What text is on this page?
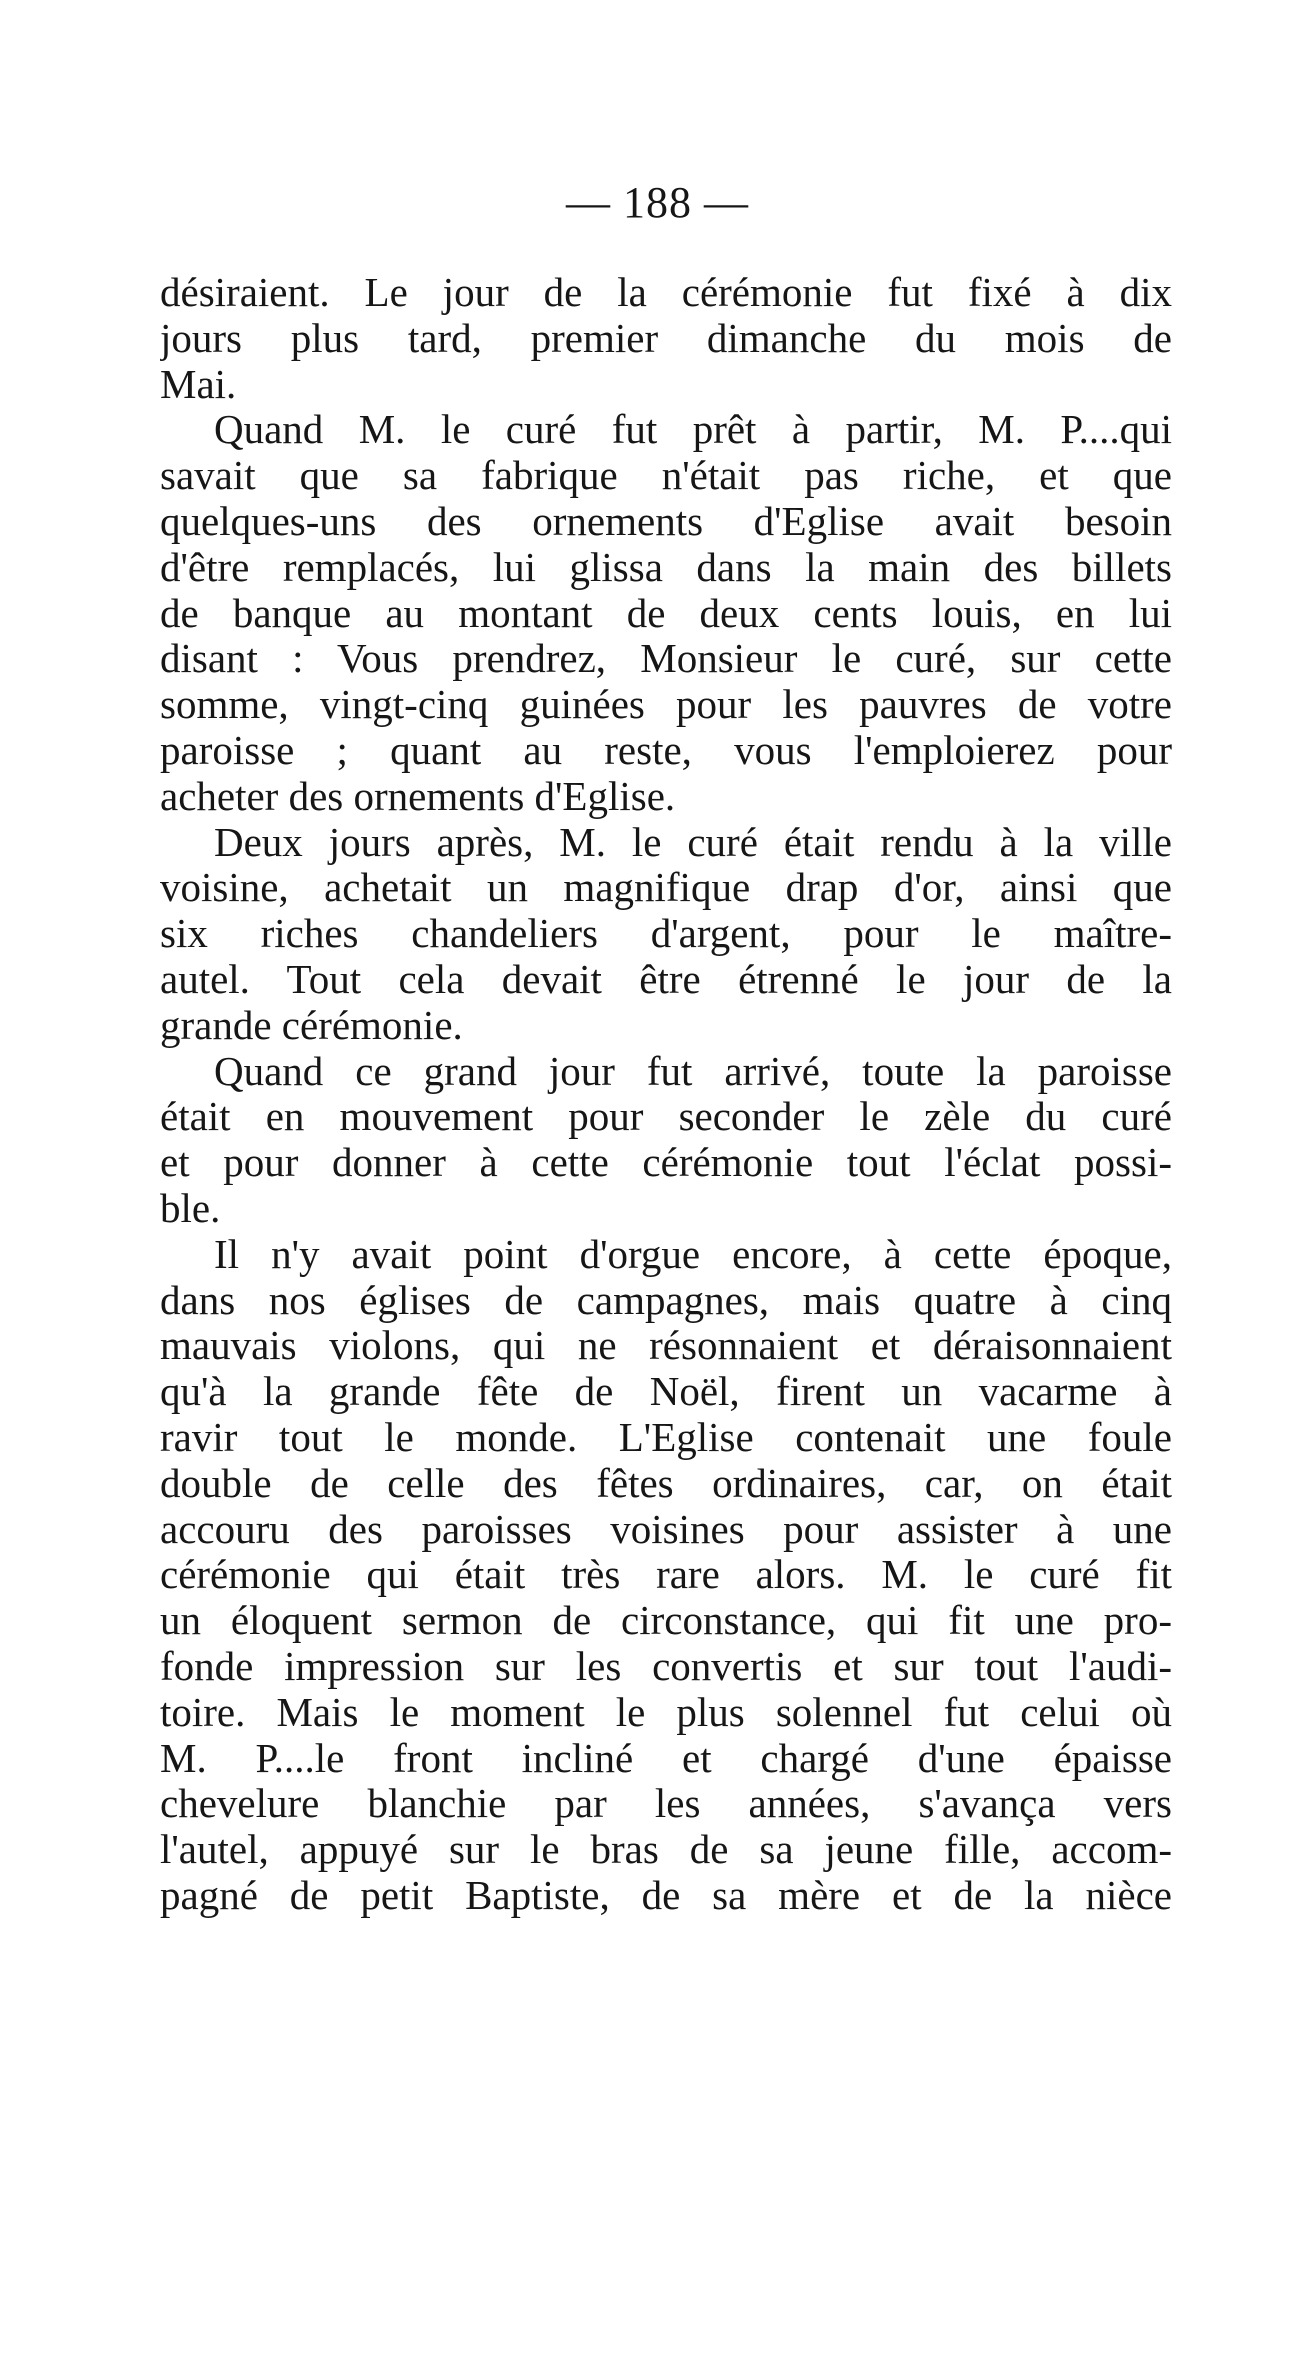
— 188 —
désiraient. Le jour de la cérémonie fut fixé à dix
jours plus tard, premier dimanche du mois de
Mai.
Quand M. le curé fut prêt à partir, M. P....qui
savait que sa fabrique n'était pas riche, et que
quelques-uns des ornements d'Eglise avait besoin
d'être remplacés, lui glissa dans la main des billets
de banque au montant de deux cents louis, en lui
disant : Vous prendrez, Monsieur le curé, sur cette
somme, vingt-cinq guinées pour les pauvres de votre
paroisse ; quant au reste, vous l'emploierez pour
acheter des ornements d'Eglise.
Deux jours après, M. le curé était rendu à la ville
voisine, achetait un magnifique drap d'or, ainsi que
six riches chandeliers d'argent, pour le maître-
autel. Tout cela devait être étrenné le jour de la
grande cérémonie.
Quand ce grand jour fut arrivé, toute la paroisse
était en mouvement pour seconder le zèle du curé
et pour donner à cette cérémonie tout l'éclat possi-
ble.
Il n'y avait point d'orgue encore, à cette époque,
dans nos églises de campagnes, mais quatre à cinq
mauvais violons, qui ne résonnaient et déraisonnaient
qu'à la grande fête de Noël, firent un vacarme à
ravir tout le monde. L'Eglise contenait une foule
double de celle des fêtes ordinaires, car, on était
accouru des paroisses voisines pour assister à une
cérémonie qui était très rare alors. M. le curé fit
un éloquent sermon de circonstance, qui fit une pro-
fonde impression sur les convertis et sur tout l'audi-
toire. Mais le moment le plus solennel fut celui où
M. P....le front incliné et chargé d'une épaisse
chevelure blanchie par les années, s'avança vers
l'autel, appuyé sur le bras de sa jeune fille, accom-
pagné de petit Baptiste, de sa mère et de la nièce
